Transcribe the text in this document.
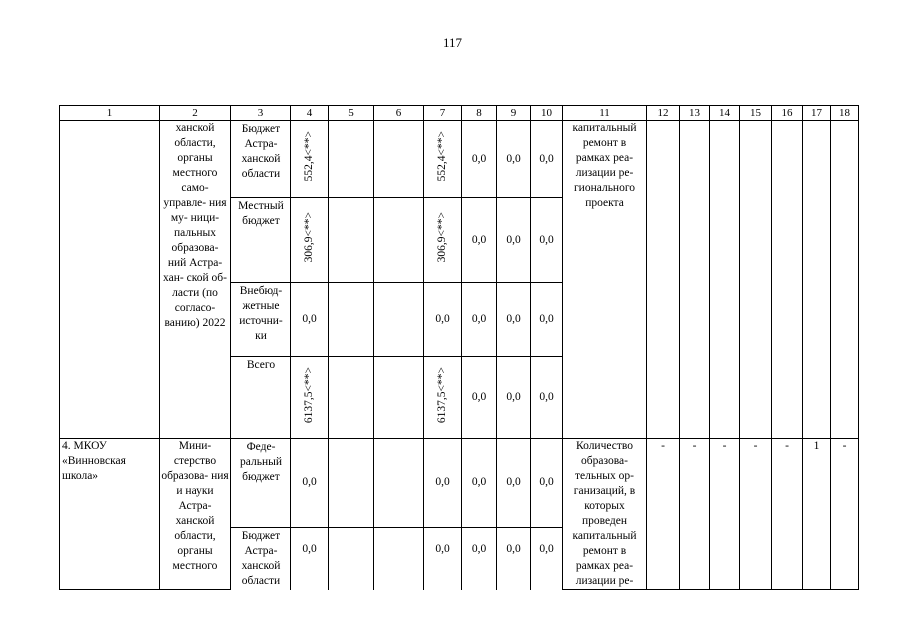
117
1	2	3	4	5	6	7	8	9	10	11	12	13	14	15	16	17	18
	ханской области, органы местного само- управле- ния му- ници- пальных образова- ний Астра- хан- ской об- ласти (по согласо- ванию) 2022	Бюджет Астра- ханской области	552,4<**>			552,4<**>	0,0	0,0	0,0	капитальный ремонт в рамках реа- лизации ре- гионального проекта							
		Местный бюджет	306,9<**>			306,9<**>	0,0	0,0	0,0								
		Внебюд- жетные источни- ки	0,0			0,0	0,0	0,0	0,0								
		Всего	6137,5<**>			6137,5<**>	0,0	0,0	0,0								
4. МКОУ «Винновская школа»	Мини- стерство образова- ния и науки Астра- ханской области, органы местного	Феде- ральный бюджет	0,0			0,0	0,0	0,0	0,0	Количество образова- тельных ор- ганизаций, в которых проведен капитальный ремонт в рамках реа- лизации ре-	-	-	-	-	-	1	-
		Бюджет Астра- ханской области	0,0			0,0	0,0	0,0	0,0								
